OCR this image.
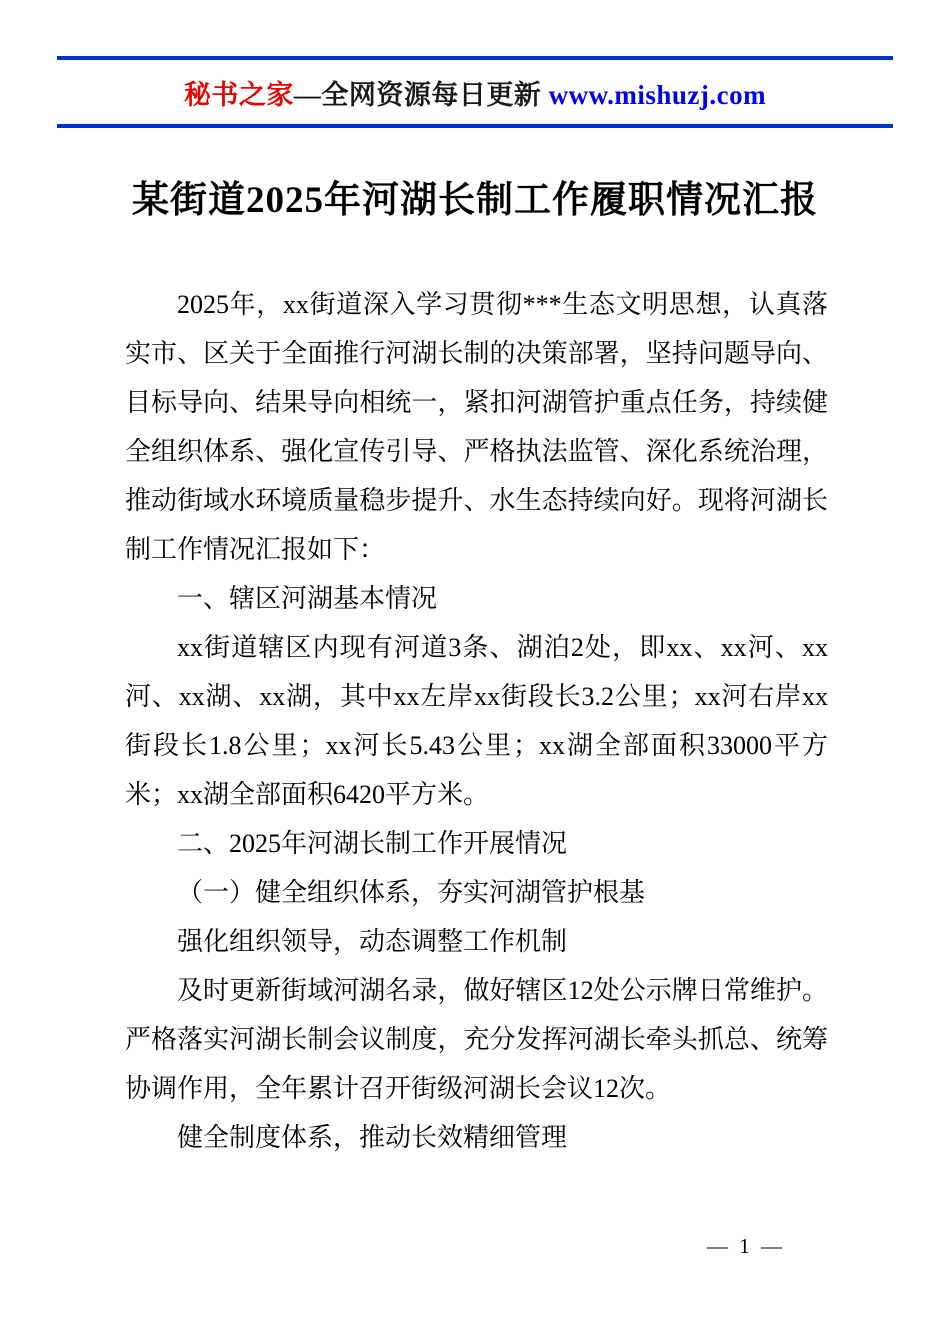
秘书之家—全网资源每日更新 www.mishuzj.com
某街道2025年河湖长制工作履职情况汇报

2025年，xx街道深入学习贯彻***生态文明思想，认真落实市、区关于全面推行河湖长制的决策部署，坚持问题导向、目标导向、结果导向相统一，紧扣河湖管护重点任务，持续健全组织体系、强化宣传引导、严格执法监管、深化系统治理，推动街域水环境质量稳步提升、水生态持续向好。现将河湖长制工作情况汇报如下：

一、辖区河湖基本情况

xx街道辖区内现有河道3条、湖泊2处，即xx、xx河、xx河、xx湖、xx湖，其中xx左岸xx街段长3.2公里；xx河右岸xx街段长1.8公里；xx河长5.43公里；xx湖全部面积33000平方米；xx湖全部面积6420平方米。

二、2025年河湖长制工作开展情况

（一）健全组织体系，夯实河湖管护根基

强化组织领导，动态调整工作机制

及时更新街域河湖名录，做好辖区12处公示牌日常维护。严格落实河湖长制会议制度，充分发挥河湖长牵头抓总、统筹协调作用，全年累计召开街级河湖长会议12次。

健全制度体系，推动长效精细管理

— 1 —
